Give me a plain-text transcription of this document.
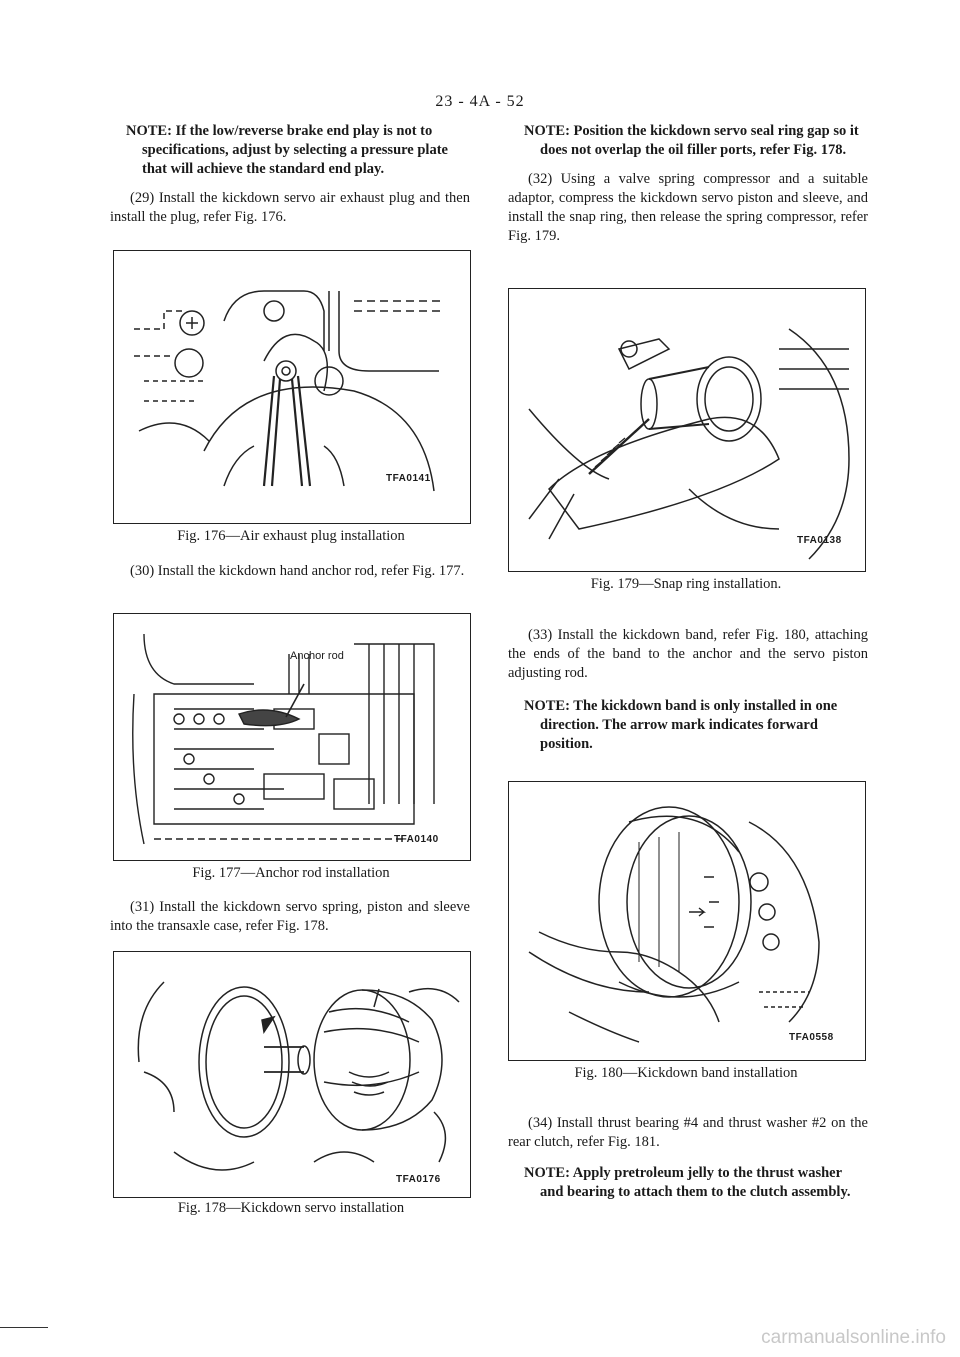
23 - 4A - 52

NOTE: If the low/reverse brake end play is not to specifications, adjust by selecting a pressure plate that will achieve the standard end play.

(29) Install the kickdown servo air exhaust plug and then install the plug, refer Fig. 176.

TFA0141
Fig. 176—Air exhaust plug installation

(30) Install the kickdown hand anchor rod, refer Fig. 177.

Anchor rod
TFA0140
Fig. 177—Anchor rod installation

(31) Install the kickdown servo spring, piston and sleeve into the transaxle case, refer Fig. 178.

TFA0176
Fig. 178—Kickdown servo installation

NOTE: Position the kickdown servo seal ring gap so it does not overlap the oil filler ports, refer Fig. 178.

(32) Using a valve spring compressor and a suitable adaptor, compress the kickdown servo piston and sleeve, and install the snap ring, then release the spring compressor, refer Fig. 179.

TFA0138
Fig. 179—Snap ring installation.

(33) Install the kickdown band, refer Fig. 180, attaching the ends of the band to the anchor and the servo piston adjusting rod.

NOTE: The kickdown band is only installed in one direction. The arrow mark indicates forward position.

TFA0558
Fig. 180—Kickdown band installation

(34) Install thrust bearing #4 and thrust washer #2 on the rear clutch, refer Fig. 181.

NOTE: Apply pretroleum jelly to the thrust washer and bearing to attach them to the clutch assembly.

carmanualsonline.info
